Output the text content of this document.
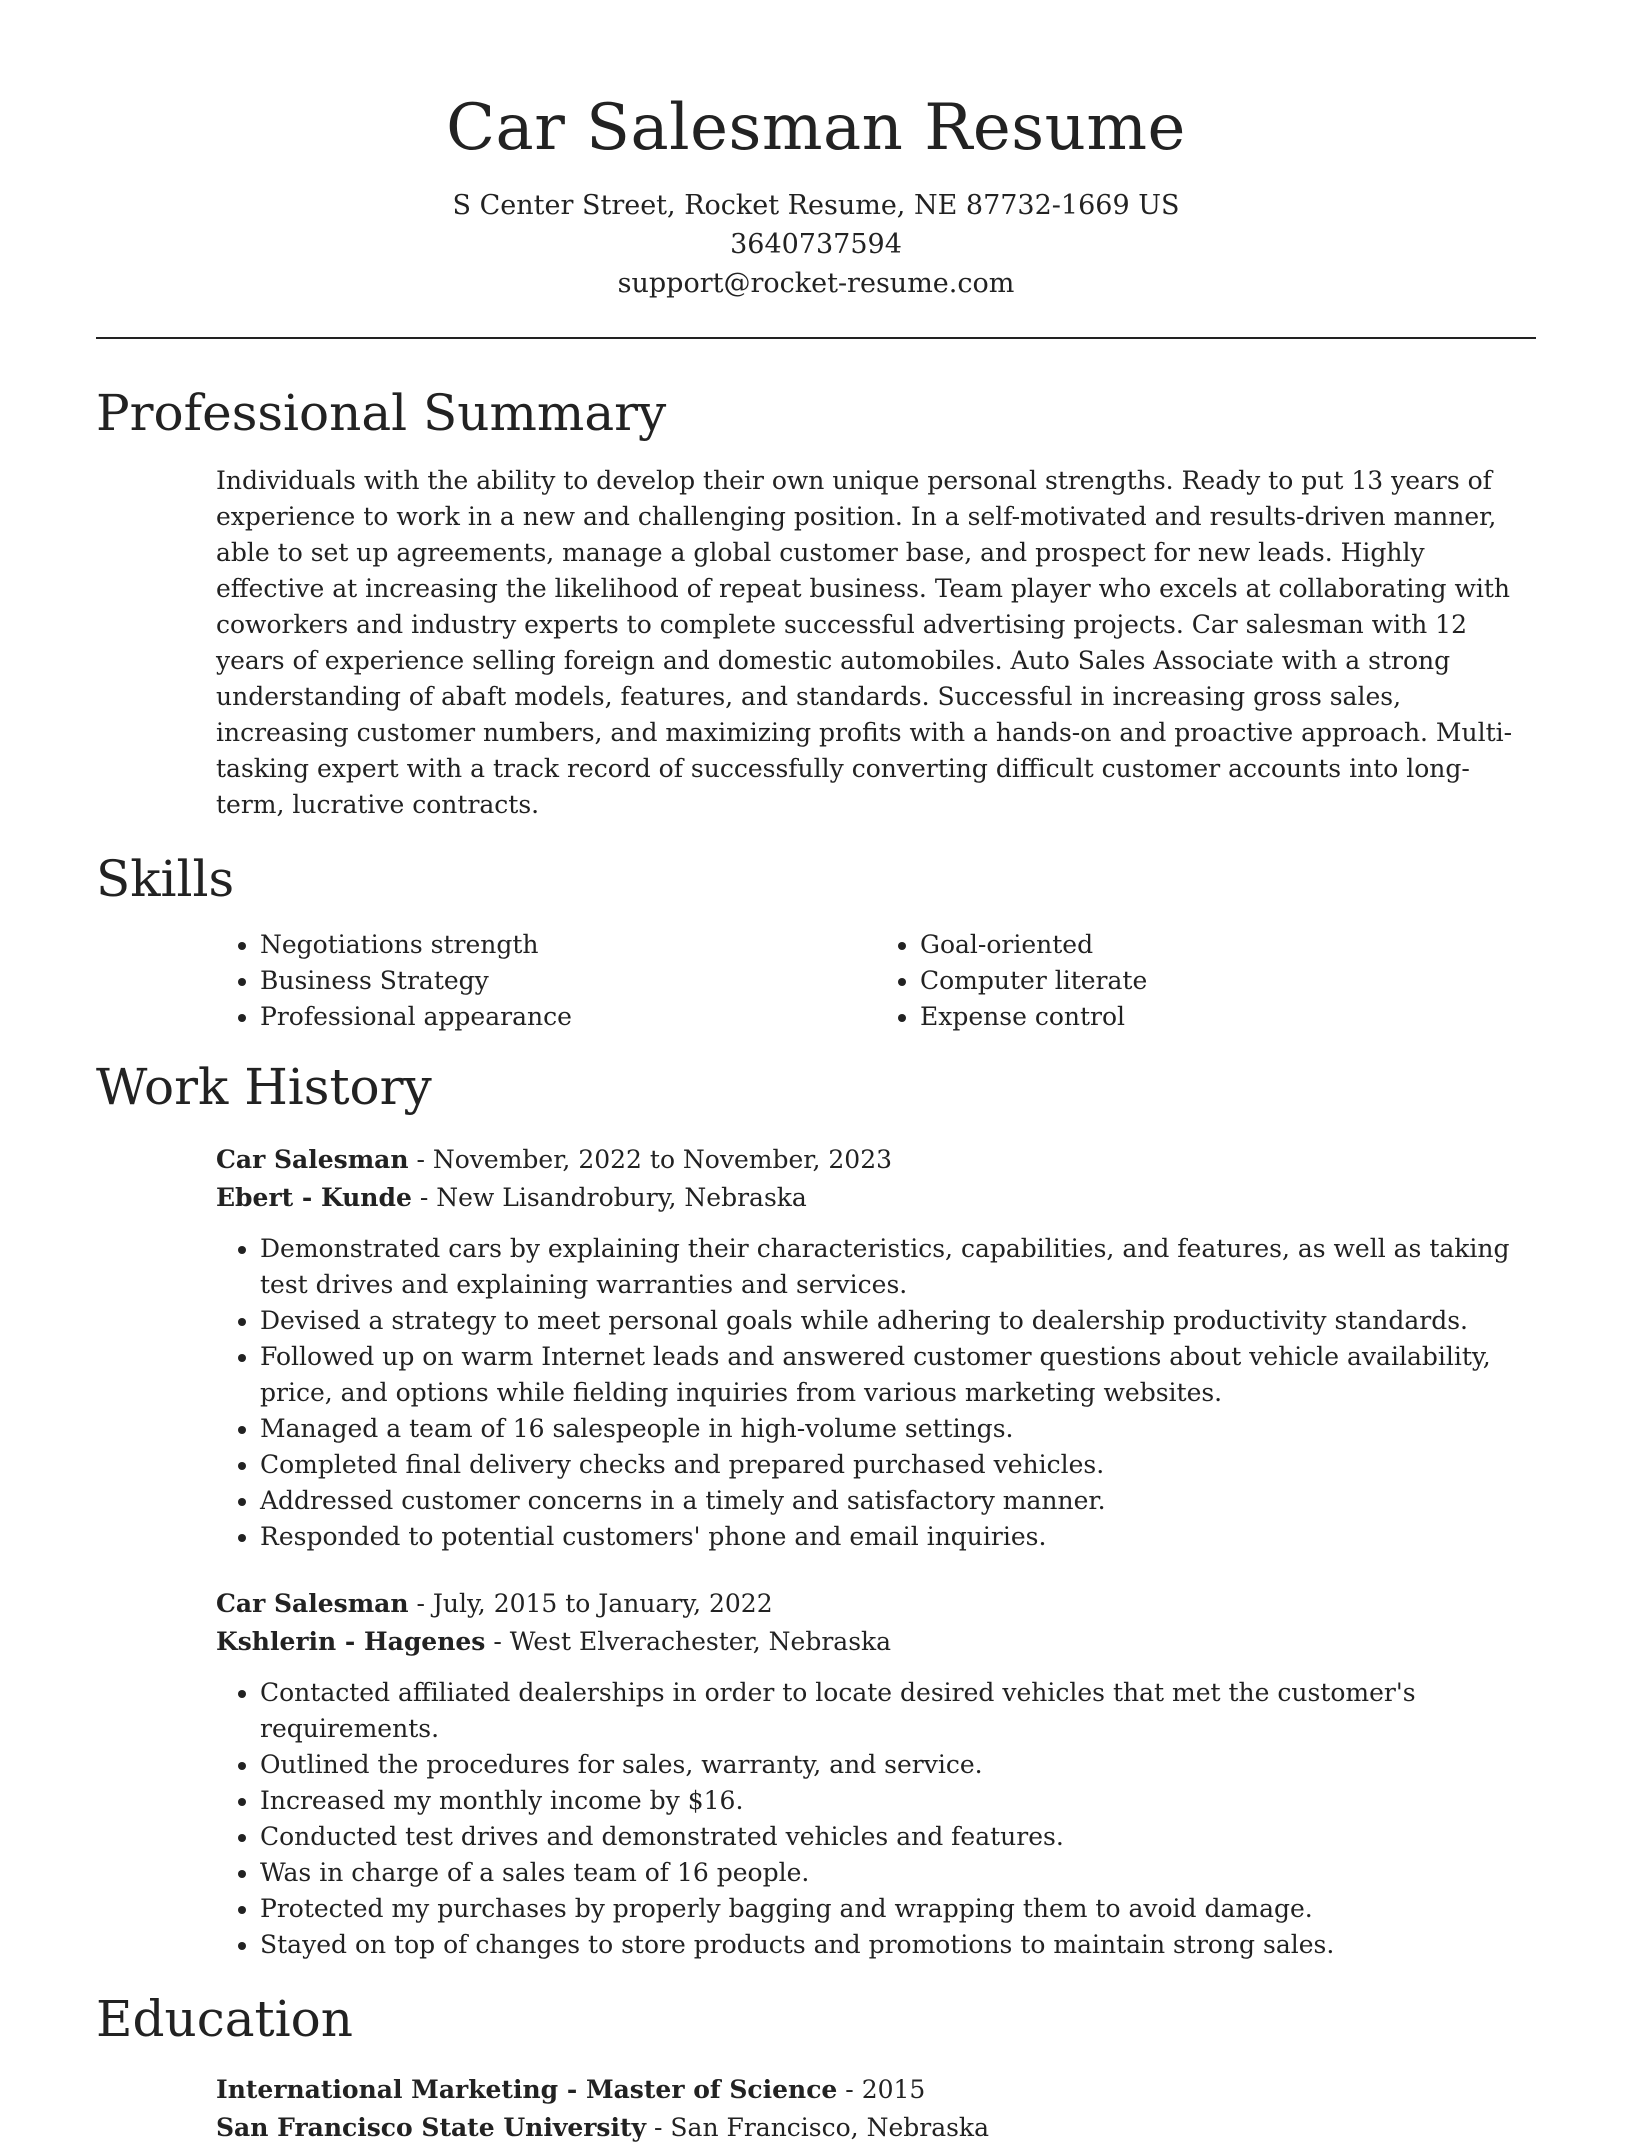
Car Salesman Resume
S Center Street, Rocket Resume, NE 87732-1669 US
3640737594
support@rocket-resume.com
Professional Summary
Individuals with the ability to develop their own unique personal strengths. Ready to put 13 years of experience to work in a new and challenging position. In a self-motivated and results-driven manner, able to set up agreements, manage a global customer base, and prospect for new leads. Highly effective at increasing the likelihood of repeat business. Team player who excels at collaborating with coworkers and industry experts to complete successful advertising projects. Car salesman with 12 years of experience selling foreign and domestic automobiles. Auto Sales Associate with a strong understanding of abaft models, features, and standards. Successful in increasing gross sales, increasing customer numbers, and maximizing profits with a hands-on and proactive approach. Multi-tasking expert with a track record of successfully converting difficult customer accounts into long-term, lucrative contracts.
Skills
• Negotiations strength
• Business Strategy
• Professional appearance
• Goal-oriented
• Computer literate
• Expense control
Work History
Car Salesman - November, 2022 to November, 2023
Ebert - Kunde - New Lisandrobury, Nebraska
• Demonstrated cars by explaining their characteristics, capabilities, and features, as well as taking test drives and explaining warranties and services.
• Devised a strategy to meet personal goals while adhering to dealership productivity standards.
• Followed up on warm Internet leads and answered customer questions about vehicle availability, price, and options while fielding inquiries from various marketing websites.
• Managed a team of 16 salespeople in high-volume settings.
• Completed final delivery checks and prepared purchased vehicles.
• Addressed customer concerns in a timely and satisfactory manner.
• Responded to potential customers' phone and email inquiries.
Car Salesman - July, 2015 to January, 2022
Kshlerin - Hagenes - West Elverachester, Nebraska
• Contacted affiliated dealerships in order to locate desired vehicles that met the customer's requirements.
• Outlined the procedures for sales, warranty, and service.
• Increased my monthly income by $16.
• Conducted test drives and demonstrated vehicles and features.
• Was in charge of a sales team of 16 people.
• Protected my purchases by properly bagging and wrapping them to avoid damage.
• Stayed on top of changes to store products and promotions to maintain strong sales.
Education
International Marketing - Master of Science - 2015
San Francisco State University - San Francisco, Nebraska
